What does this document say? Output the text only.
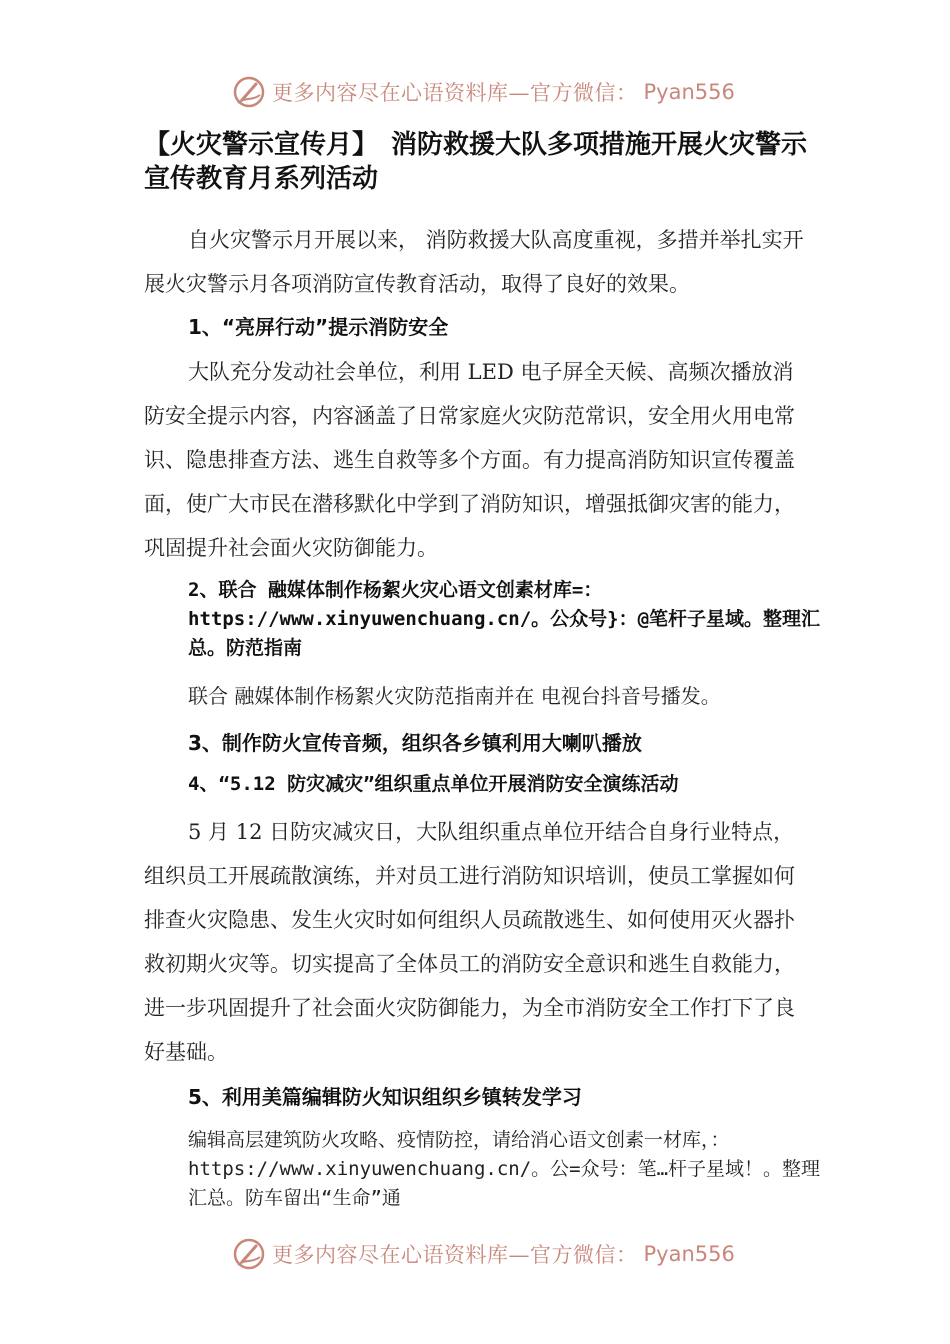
更多内容尽在心语资料库—官方微信： Pyan556
【火灾警示宣传月】　消防救援大队多项措施开展火灾警示宣传教育月系列活动

自火灾警示月开展以来， 消防救援大队高度重视，多措并举扎实开展火灾警示月各项消防宣传教育活动，取得了良好的效果。

1、“亮屏行动”提示消防安全

大队充分发动社会单位，利用 LED 电子屏全天候、高频次播放消防安全提示内容，内容涵盖了日常家庭火灾防范常识，安全用火用电常识、隐患排查方法、逃生自救等多个方面。有力提高消防知识宣传覆盖面，使广大市民在潜移默化中学到了消防知识，增强抵御灾害的能力，巩固提升社会面火灾防御能力。

2、联合 融媒体制作杨絮火灾心语文创素材库=：https://www.xinyuwenchuang.cn/。公众号}：@笔杆子星域。整理汇总。防范指南

联合 融媒体制作杨絮火灾防范指南并在 电视台抖音号播发。

3、制作防火宣传音频，组织各乡镇利用大喇叭播放

4、“5.12 防灾减灾”组织重点单位开展消防安全演练活动

5 月 12 日防灾减灾日，大队组织重点单位开结合自身行业特点，组织员工开展疏散演练，并对员工进行消防知识培训，使员工掌握如何排查火灾隐患、发生火灾时如何组织人员疏散逃生、如何使用灭火器扑救初期火灾等。切实提高了全体员工的消防安全意识和逃生自救能力，进一步巩固提升了社会面火灾防御能力，为全市消防安全工作打下了良好基础。

5、利用美篇编辑防火知识组织乡镇转发学习

编辑高层建筑防火攻略、疫情防控，请给消心语文创素一材库，：https://www.xinyuwenchuang.cn/。公=众号：笔…杆子星域！。整理汇总。防车留出“生命”通

更多内容尽在心语资料库—官方微信： Pyan556
